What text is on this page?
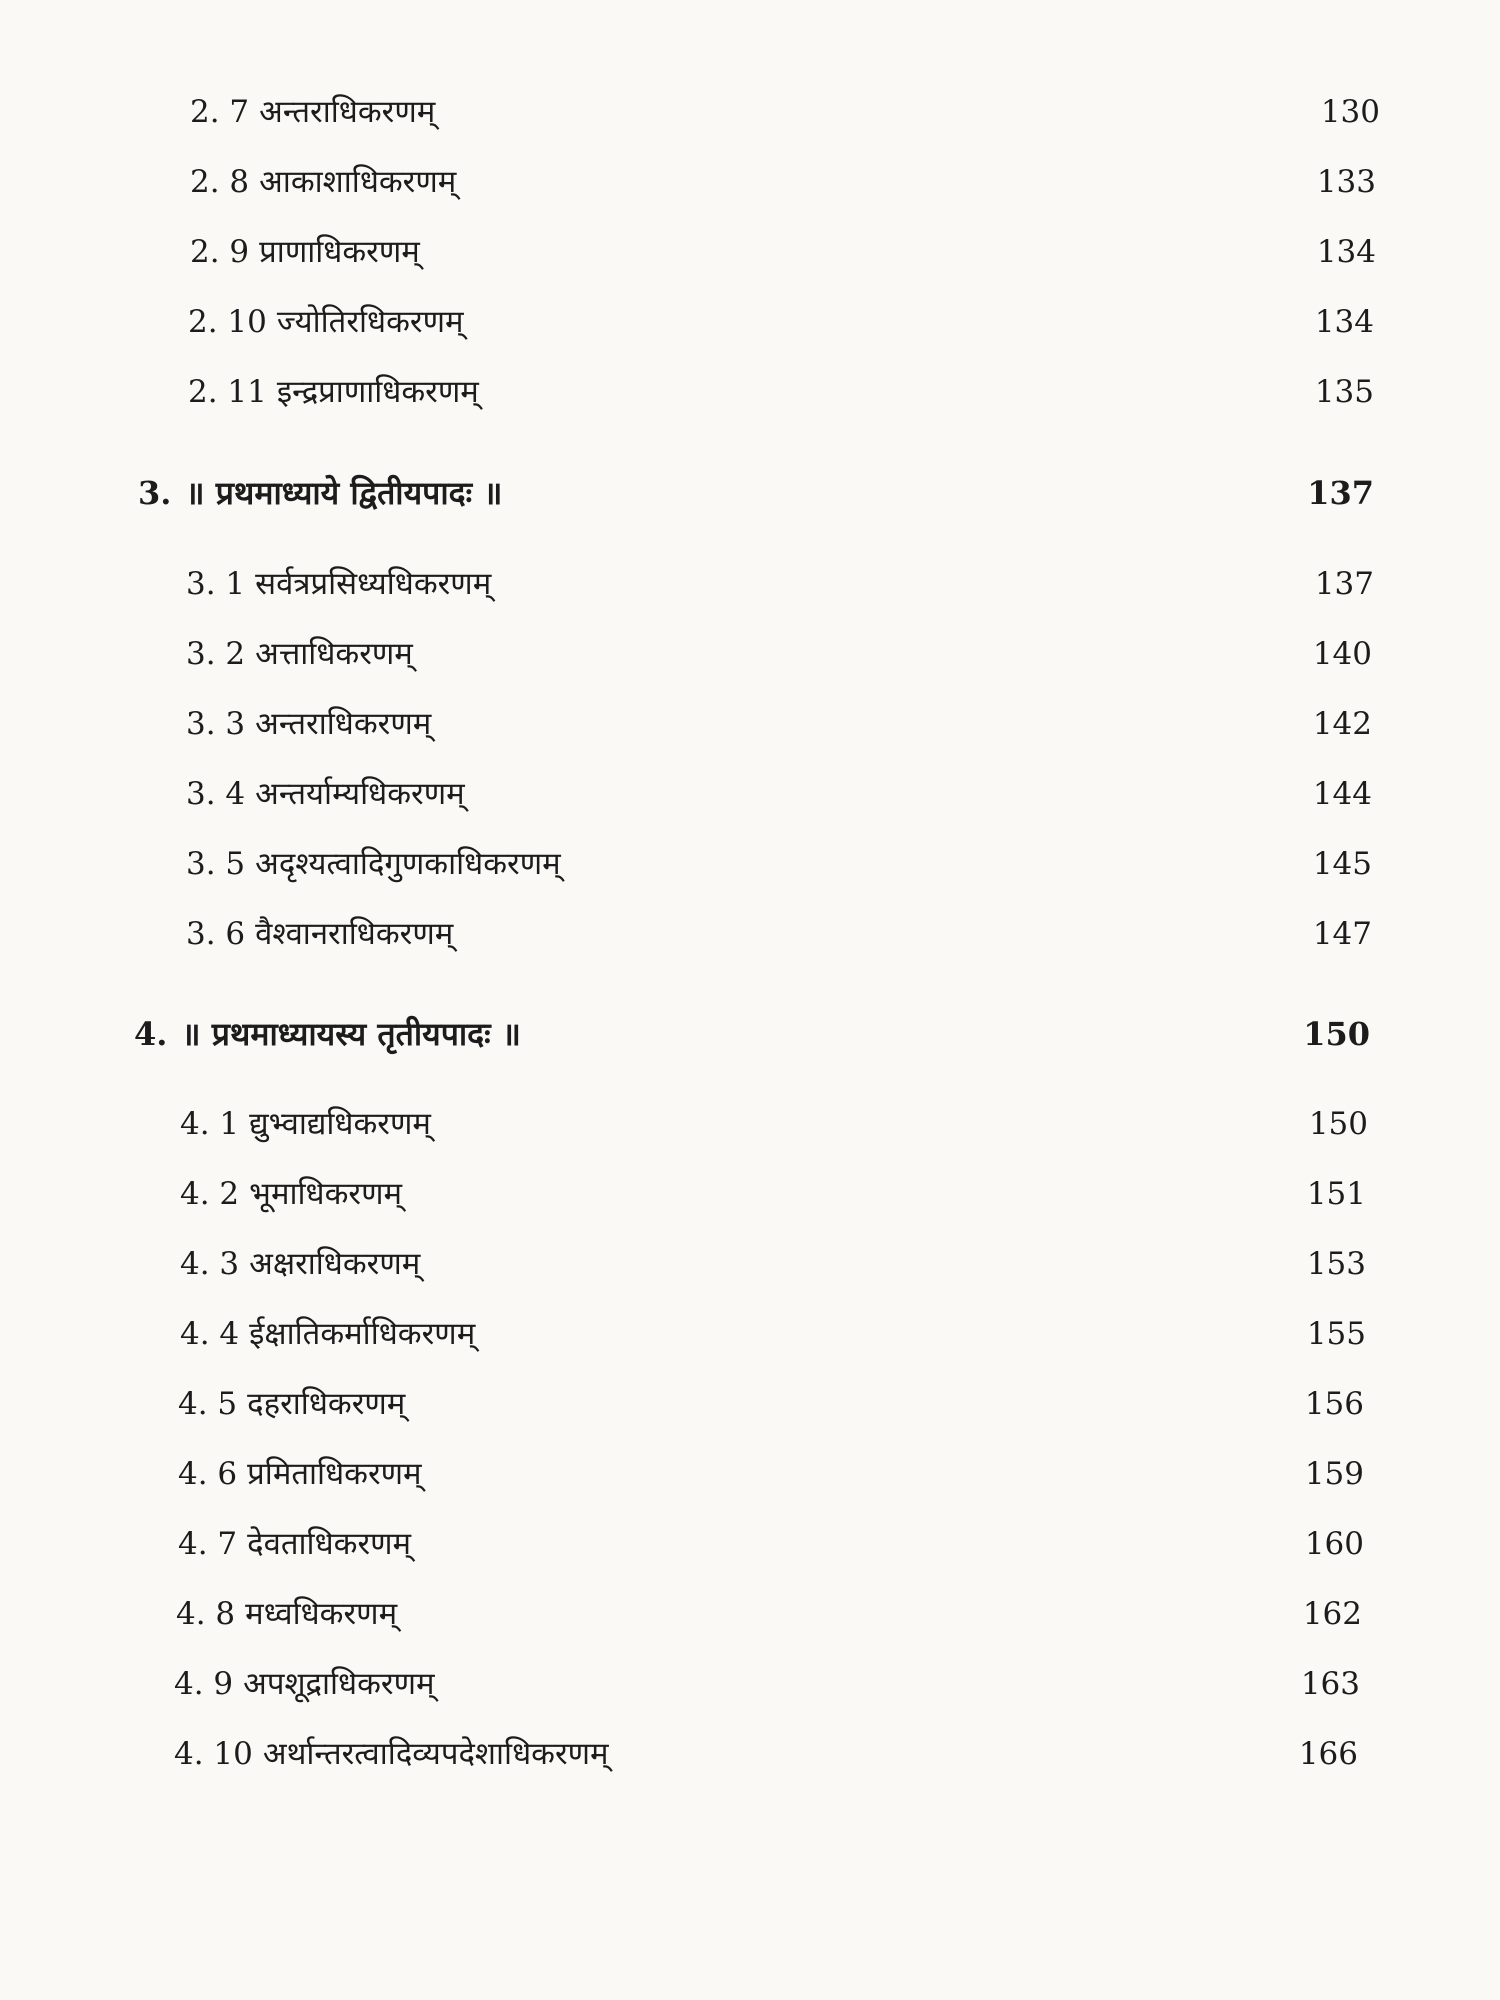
2. 7 अन्तराधिकरणम्	130
2. 8 आकाशाधिकरणम्	133
2. 9 प्राणाधिकरणम्	134
2. 10 ज्योतिरधिकरणम्	134
2. 11 इन्द्रप्राणाधिकरणम्	135
3. ॥ प्रथमाध्याये द्वितीयपादः ॥	137
3. 1 सर्वत्रप्रसिध्यधिकरणम्	137
3. 2 अत्ताधिकरणम्	140
3. 3 अन्तराधिकरणम्	142
3. 4 अन्तर्याम्यधिकरणम्	144
3. 5 अदृश्यत्वादिगुणकाधिकरणम्	145
3. 6 वैश्वानराधिकरणम्	147
4. ॥ प्रथमाध्यायस्य तृतीयपादः ॥	150
4. 1 द्युभ्वाद्यधिकरणम्	150
4. 2 भूमाधिकरणम्	151
4. 3 अक्षराधिकरणम्	153
4. 4 ईक्षातिकर्माधिकरणम्	155
4. 5 दहराधिकरणम्	156
4. 6 प्रमिताधिकरणम्	159
4. 7 देवताधिकरणम्	160
4. 8 मध्वधिकरणम्	162
4. 9 अपशूद्राधिकरणम्	163
4. 10 अर्थान्तरत्वादिव्यपदेशाधिकरणम्	166
